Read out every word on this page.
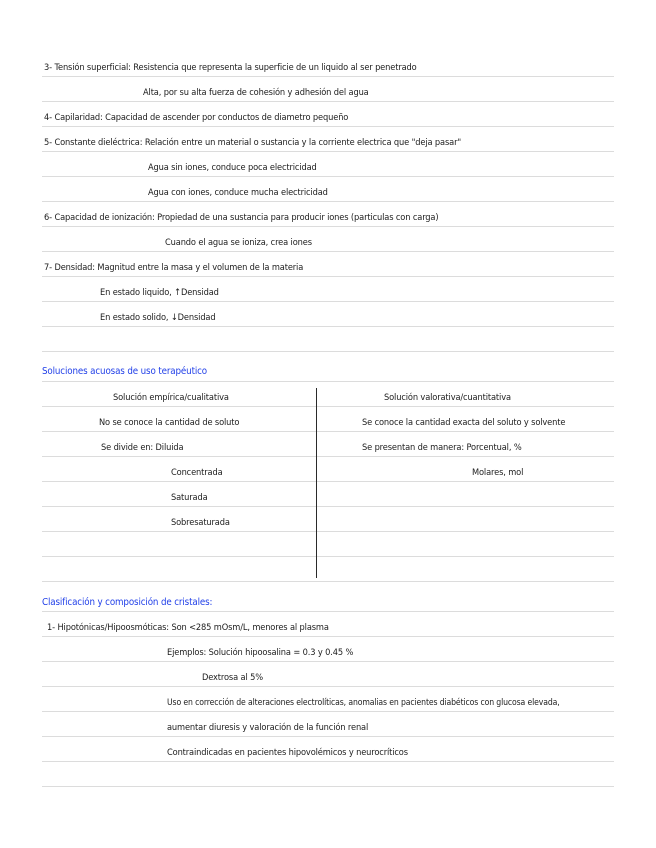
3- Tensión superficial: Resistencia que representa la superficie de un liquido al ser penetrado
Alta, por su alta fuerza de cohesión y adhesión del agua
4- Capilaridad: Capacidad de ascender por conductos de diametro pequeño
5- Constante dieléctrica: Relación entre un material o sustancia y la corriente electrica que "deja pasar"
Agua sin iones, conduce poca electricidad
Agua con iones, conduce mucha electricidad
6- Capacidad de ionización: Propiedad de una sustancia para producir iones (particulas con carga)
Cuando el agua se ioniza, crea iones
7- Densidad: Magnitud entre la masa y el volumen de la materia
En estado liquido, ↑Densidad
En estado solido, ↓Densidad
Soluciones acuosas de uso terapéutico
Solución empírica/cualitativa
No se conoce la cantidad de soluto
Se divide en: Diluida
Concentrada
Saturada
Sobresaturada
Solución valorativa/cuantitativa
Se conoce la cantidad exacta del soluto y solvente
Se presentan de manera: Porcentual, %
Molares, mol
Clasificación y composición de cristales:
1- Hipotónicas/Hipoosmóticas: Son <285 mOsm/L, menores al plasma
Ejemplos: Solución hipoosalina = 0.3 y 0.45 %
Dextrosa al 5%
Uso en corrección de alteraciones electrolíticas, anomalias en pacientes diabéticos con glucosa elevada,
aumentar diuresis y valoración de la función renal
Contraindicadas en pacientes hipovolémicos y neurocríticos
